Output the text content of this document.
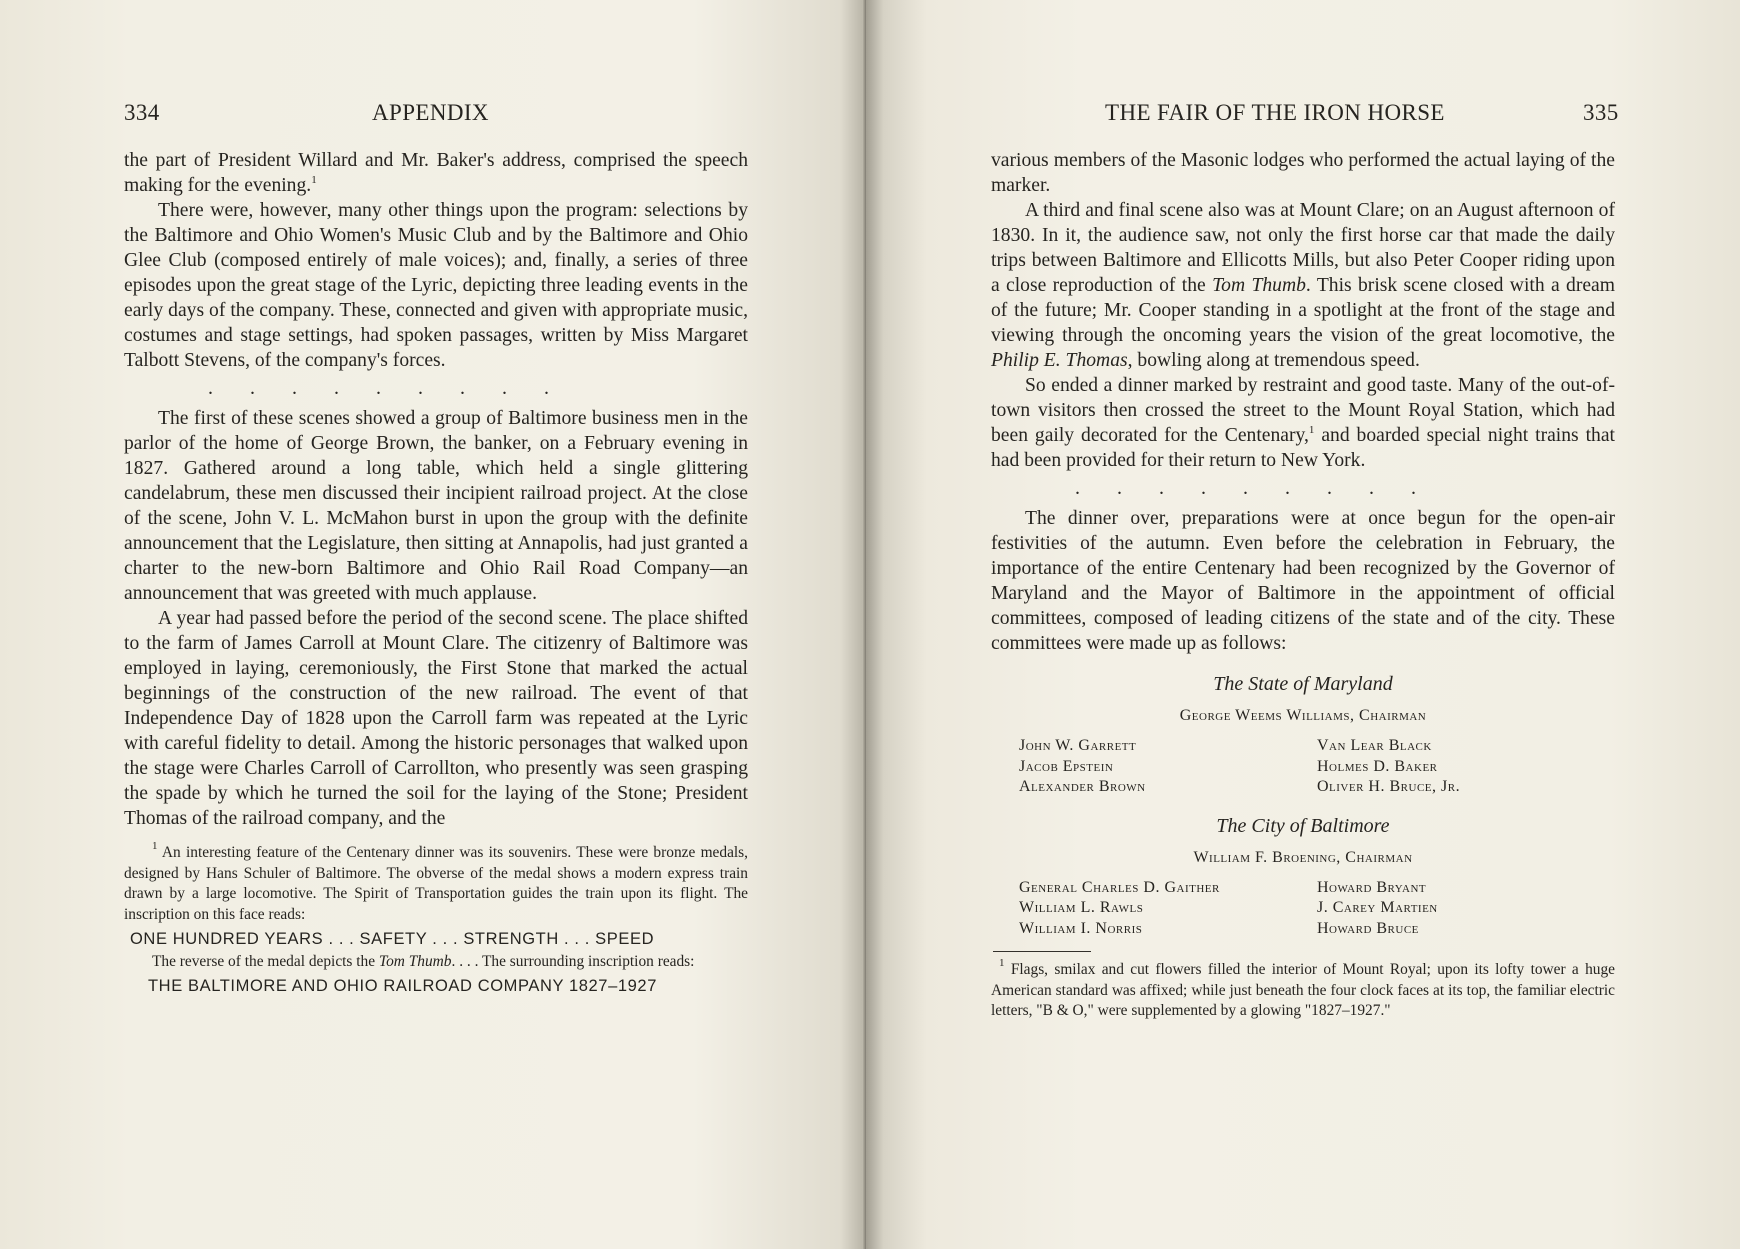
334	APPENDIX

the part of President Willard and Mr. Baker's address, comprised the speech making for the evening.$^1$

There were, however, many other things upon the program: selections by the Baltimore and Ohio Women's Music Club and by the Baltimore and Ohio Glee Club (composed entirely of male voices); and, finally, a series of three episodes upon the great stage of the Lyric, depicting three leading events in the early days of the company. These, connected and given with appropriate music, costumes and stage settings, had spoken passages, written by Miss Margaret Talbott Stevens, of the company's forces.

. . . . . . . . .

The first of these scenes showed a group of Baltimore business men in the parlor of the home of George Brown, the banker, on a February evening in 1827. Gathered around a long table, which held a single glittering candelabrum, these men discussed their incipient railroad project. At the close of the scene, John V. L. McMahon burst in upon the group with the definite announcement that the Legislature, then sitting at Annapolis, had just granted a charter to the new-born Baltimore and Ohio Rail Road Company—an announcement that was greeted with much applause.

A year had passed before the period of the second scene. The place shifted to the farm of James Carroll at Mount Clare. The citizenry of Baltimore was employed in laying, ceremoniously, the First Stone that marked the actual beginnings of the construction of the new railroad. The event of that Independence Day of 1828 upon the Carroll farm was repeated at the Lyric with careful fidelity to detail. Among the historic personages that walked upon the stage were Charles Carroll of Carrollton, who presently was seen grasping the spade by which he turned the soil for the laying of the Stone; President Thomas of the railroad company, and the

$^1$ An interesting feature of the Centenary dinner was its souvenirs. These were bronze medals, designed by Hans Schuler of Baltimore. The obverse of the medal shows a modern express train drawn by a large locomotive. The Spirit of Transportation guides the train upon its flight. The inscription on this face reads:

ONE HUNDRED YEARS . . . SAFETY . . . STRENGTH . . . SPEED

The reverse of the medal depicts the Tom Thumb. . . . The surrounding inscription reads:

THE BALTIMORE AND OHIO RAILROAD COMPANY 1827–1927

THE FAIR OF THE IRON HORSE	335

various members of the Masonic lodges who performed the actual laying of the marker.

A third and final scene also was at Mount Clare; on an August afternoon of 1830. In it, the audience saw, not only the first horse car that made the daily trips between Baltimore and Ellicotts Mills, but also Peter Cooper riding upon a close reproduction of the Tom Thumb. This brisk scene closed with a dream of the future; Mr. Cooper standing in a spotlight at the front of the stage and viewing through the oncoming years the vision of the great locomotive, the Philip E. Thomas, bowling along at tremendous speed.

So ended a dinner marked by restraint and good taste. Many of the out-of-town visitors then crossed the street to the Mount Royal Station, which had been gaily decorated for the Centenary,$^1$ and boarded special night trains that had been provided for their return to New York.

. . . . . . . . .

The dinner over, preparations were at once begun for the open-air festivities of the autumn. Even before the celebration in February, the importance of the entire Centenary had been recognized by the Governor of Maryland and the Mayor of Baltimore in the appointment of official committees, composed of leading citizens of the state and of the city. These committees were made up as follows:

The State of Maryland
George Weems Williams, Chairman
John W. Garrett	Van Lear Black
Jacob Epstein	Holmes D. Baker
Alexander Brown	Oliver H. Bruce, Jr.
The City of Baltimore
William F. Broening, Chairman
General Charles D. Gaither	Howard Bryant
William L. Rawls	J. Carey Martien
William I. Norris	Howard Bruce

$^1$ Flags, smilax and cut flowers filled the interior of Mount Royal; upon its lofty tower a huge American standard was affixed; while just beneath the four clock faces at its top, the familiar electric letters, "B & O," were supplemented by a glowing "1827–1927."
